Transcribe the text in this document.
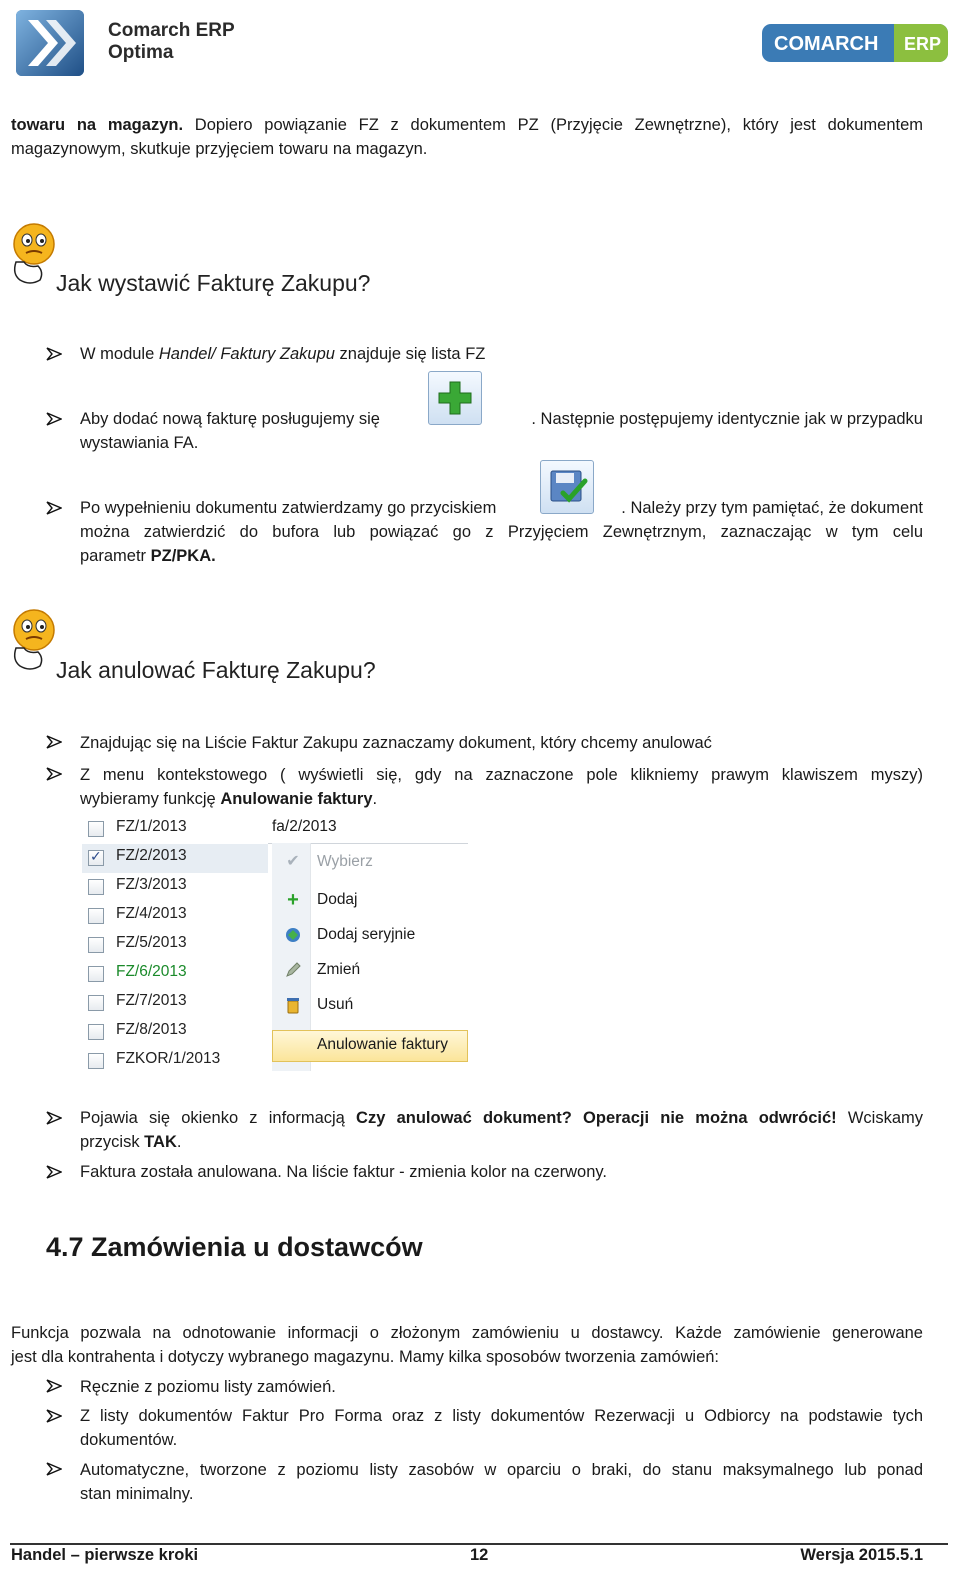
Comarch ERP
Optima	COMARCH ERP
towaru na magazyn. Dopiero powiązanie FZ z dokumentem PZ (Przyjęcie Zewnętrzne), który jest dokumentem magazynowym, skutkuje przyjęciem towaru na magazyn.
Jak wystawić Fakturę Zakupu?
W module Handel/ Faktury Zakupu znajduje się lista FZ
Aby dodać nową fakturę posługujemy się	. Następnie postępujemy identycznie jak w przypadku
wystawiania FA.
Po wypełnieniu dokumentu zatwierdzamy go przyciskiem	. Należy przy tym pamiętać, że dokument
można zatwierdzić do bufora lub powiązać go z Przyjęciem Zewnętrznym, zaznaczając w tym celu
parametr PZ/PKA.
Jak anulować Fakturę Zakupu?
Znajdując się na Liście Faktur Zakupu zaznaczamy dokument, który chcemy anulować
Z menu kontekstowego ( wyświetli się, gdy na zaznaczone pole klikniemy prawym klawiszem myszy)
wybieramy funkcję Anulowanie faktury.
FZ/1/2013
✓ FZ/2/2013
FZ/3/2013
FZ/4/2013
FZ/5/2013
FZ/6/2013
FZ/7/2013
FZ/8/2013
FZKOR/1/2013
fa/2/2013
✔ Wybierz
+ Dodaj
Dodaj seryjnie
Zmień
Usuń
Anulowanie faktury
Pojawia się okienko z informacją Czy anulować dokument? Operacji nie można odwrócić! Wciskamy
przycisk TAK.
Faktura została anulowana. Na liście faktur - zmienia kolor na czerwony.
4.7 Zamówienia u dostawców
Funkcja pozwala na odnotowanie informacji o złożonym zamówieniu u dostawcy. Każde zamówienie generowane
jest dla kontrahenta i dotyczy wybranego magazynu. Mamy kilka sposobów tworzenia zamówień:
Ręcznie z poziomu listy zamówień.
Z listy dokumentów Faktur Pro Forma oraz z listy dokumentów Rezerwacji u Odbiorcy na podstawie tych
dokumentów.
Automatyczne, tworzone z poziomu listy zasobów w oparciu o braki, do stanu maksymalnego lub ponad
stan minimalny.
Handel – pierwsze kroki	12	Wersja 2015.5.1
